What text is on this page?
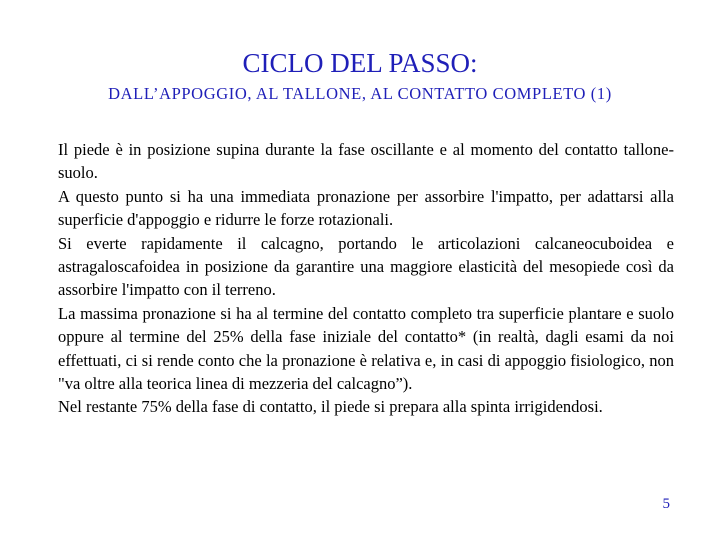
CICLO DEL PASSO:
DALL’APPOGGIO, AL TALLONE, AL CONTATTO COMPLETO (1)

Il piede è in posizione supina durante la fase oscillante e al momento del contatto tallone-suolo.

A questo punto si ha una immediata pronazione per assorbire l'impatto, per adattarsi alla superficie d'appoggio e ridurre le forze rotazionali.

Si everte rapidamente il calcagno, portando le articolazioni calcaneocuboidea e astragaloscafoidea in posizione da garantire una maggiore elasticità del mesopiede così da assorbire l'impatto con il terreno.

La massima pronazione si ha al termine del contatto completo tra superficie plantare e suolo oppure al termine del 25% della fase iniziale del contatto* (in realtà, dagli esami da noi effettuati, ci si rende conto che la pronazione è relativa e, in casi di appoggio fisiologico, non "va oltre alla teorica linea di mezzeria del calcagno”).

Nel restante 75% della fase di contatto, il piede si prepara alla spinta irrigidendosi.

5
